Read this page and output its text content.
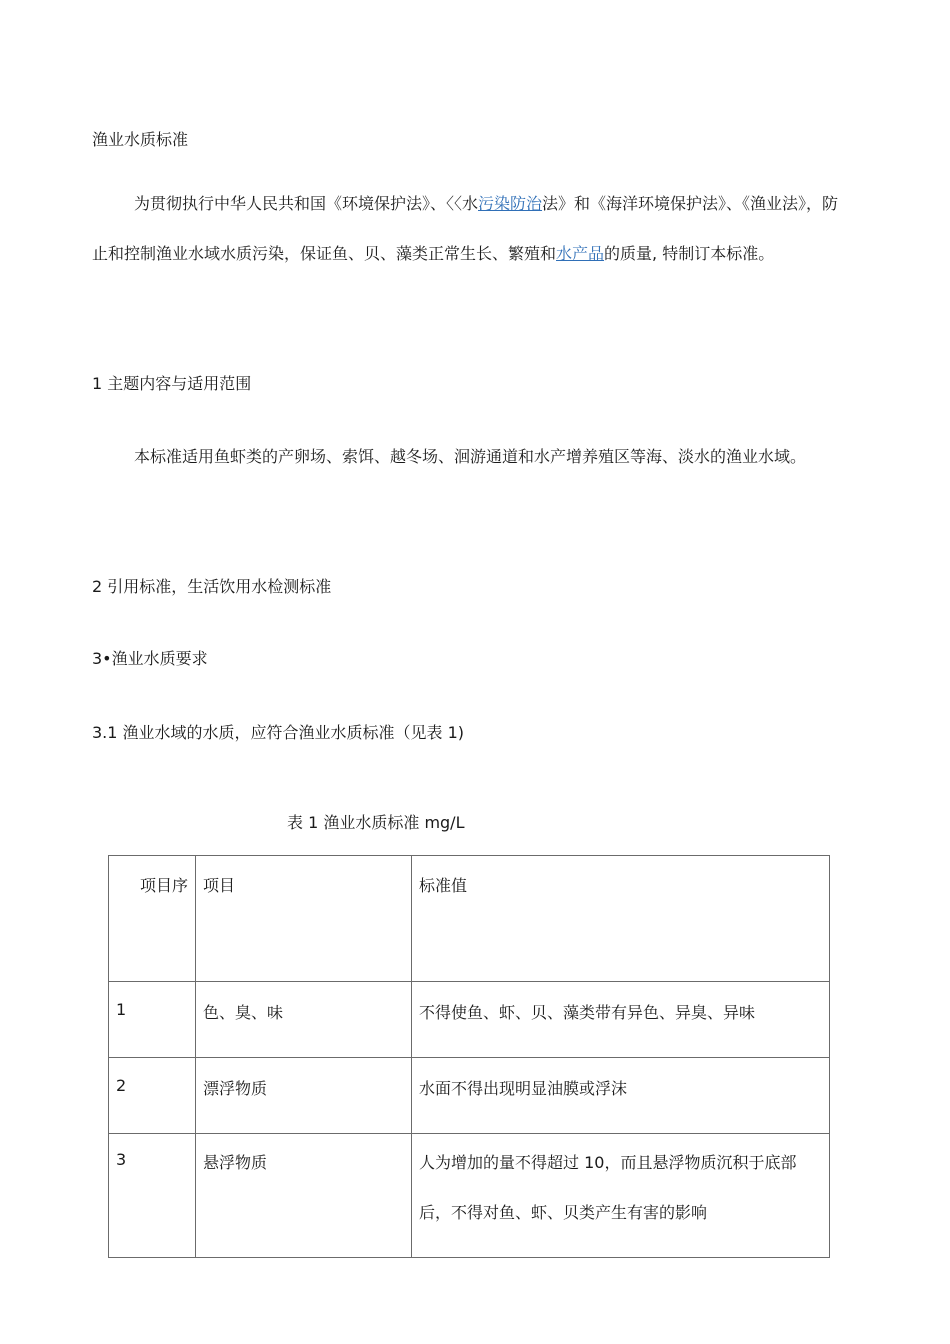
渔业水质标准

为贯彻执行中华人民共和国《环境保护法》、〈〈水污染防治法》和《海洋环境保护法》、《渔业法》，防止和控制渔业水域水质污染，保证鱼、贝、藻类正常生长、繁殖和水产品的质量, 特制订本标准。

1 主题内容与适用范围

本标准适用鱼虾类的产卵场、索饵、越冬场、洄游通道和水产增养殖区等海、淡水的渔业水域。

2 引用标准，生活饮用水检测标准

3•渔业水质要求

3.1 渔业水域的水质，应符合渔业水质标准（见表 1)

表 1 渔业水质标准 mg/L

项目序	项目	标准值
1	色、臭、味	不得使鱼、虾、贝、藻类带有异色、异臭、异味
2	漂浮物质	水面不得出现明显油膜或浮沫
3	悬浮物质	人为增加的量不得超过 10，而且悬浮物质沉积于底部后，不得对鱼、虾、贝类产生有害的影响
